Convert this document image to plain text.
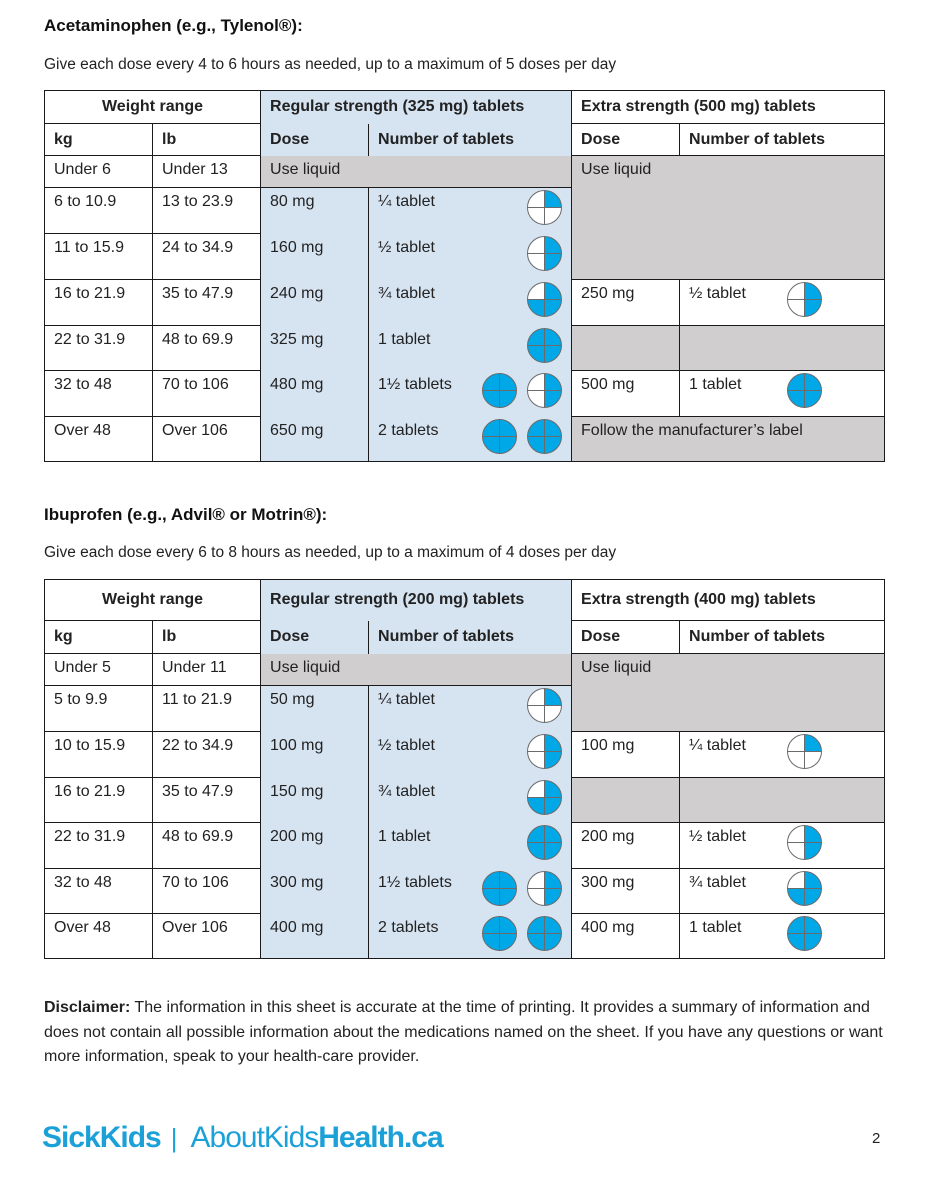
Acetaminophen (e.g., Tylenol®):
Give each dose every 4 to 6 hours as needed, up to a maximum of 5 doses per day
Weight range		Regular strength (325 mg) tablets		Extra strength (500 mg) tablets	
kg	lb	Dose	Number of tablets	Dose	Number of tablets
Under 6	Under 13	Use liquid		Use liquid	
6 to 10.9	13 to 23.9	80 mg	¼ tablet		

11 to 15.9	24 to 34.9	160 mg	½ tablet		

16 to 21.9	35 to 47.9	240 mg	¾ tablet	250 mg	½ tablet

22 to 31.9	48 to 69.9	325 mg	1 tablet		

32 to 48	70 to 106	480 mg	1½ tablets	500 mg	1 tablet

Over 48	Over 106	650 mg	2 tablets	Follow the manufacturer’s label	
Ibuprofen (e.g., Advil® or Motrin®):
Give each dose every 6 to 8 hours as needed, up to a maximum of 4 doses per day
Weight range		Regular strength (200 mg) tablets		Extra strength (400 mg) tablets	
kg	lb	Dose	Number of tablets	Dose	Number of tablets
Under 5	Under 11	Use liquid		Use liquid	
5 to 9.9	11 to 21.9	50 mg	¼ tablet		

10 to 15.9	22 to 34.9	100 mg	½ tablet	100 mg	¼ tablet

16 to 21.9	35 to 47.9	150 mg	¾ tablet		

22 to 31.9	48 to 69.9	200 mg	1 tablet	200 mg	½ tablet

32 to 48	70 to 106	300 mg	1½ tablets	300 mg	¾ tablet

Over 48	Over 106	400 mg	2 tablets	400 mg	1 tablet
Disclaimer: The information in this sheet is accurate at the time of printing. It provides a summary of information and does not contain all possible information about the medications named on the sheet. If you have any questions or want more information, speak to your health-care provider.
SickKids | AboutKids Health.ca	2
